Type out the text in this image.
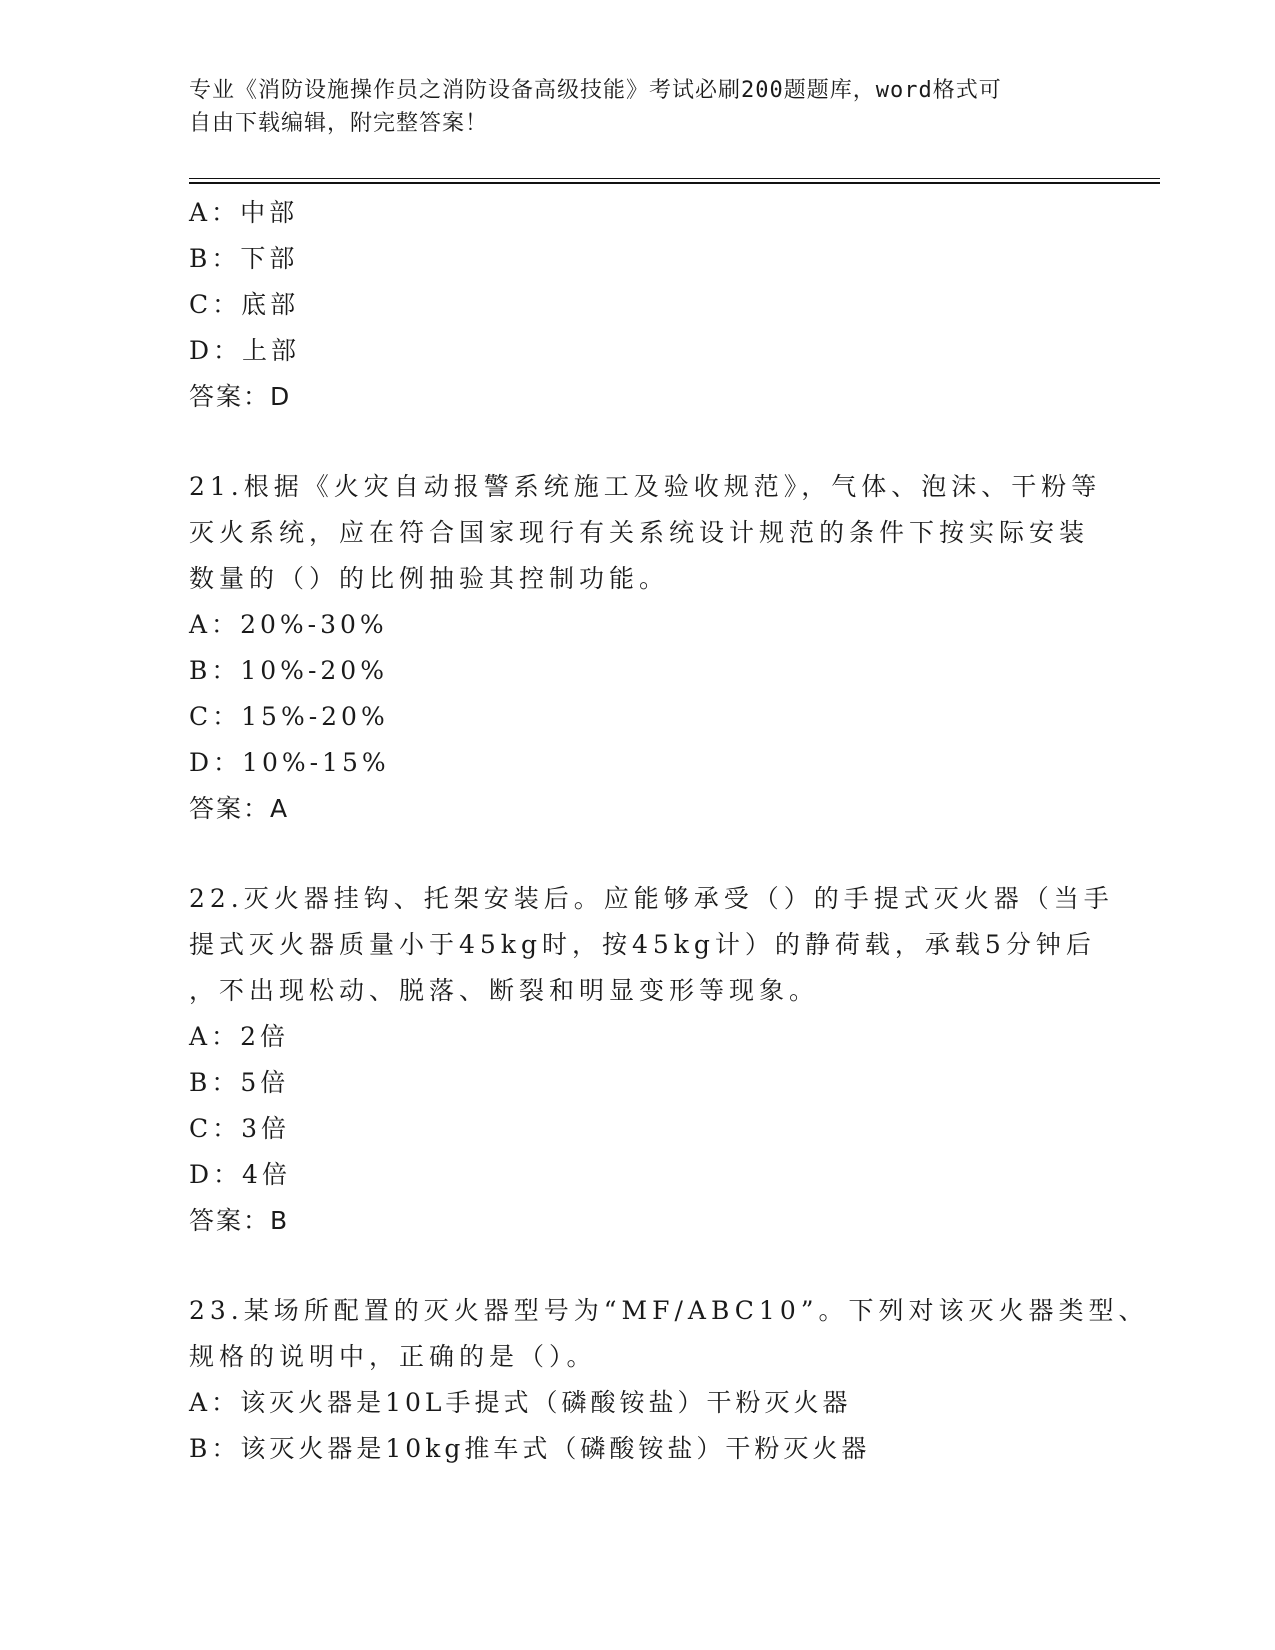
专业《消防设施操作员之消防设备高级技能》考试必刷200题题库，word格式可
自由下载编辑，附完整答案！
A：中部
B：下部
C：底部
D：上部
答案：D
21.根据《火灾自动报警系统施工及验收规范》，气体、泡沫、干粉等
灭火系统，应在符合国家现行有关系统设计规范的条件下按实际安装
数量的（）的比例抽验其控制功能。
A：20%-30%
B：10%-20%
C：15%-20%
D：10%-15%
答案：A
22.灭火器挂钩、托架安装后。应能够承受（）的手提式灭火器（当手
提式灭火器质量小于45kg时，按45kg计）的静荷载，承载5分钟后
，不出现松动、脱落、断裂和明显变形等现象。
A：2倍
B：5倍
C：3倍
D：4倍
答案：B
23.某场所配置的灭火器型号为“MF/ABC10”。下列对该灭火器类型、
规格的说明中，正确的是（）。
A：该灭火器是10L手提式（磷酸铵盐）干粉灭火器
B：该灭火器是10kg推车式（磷酸铵盐）干粉灭火器
